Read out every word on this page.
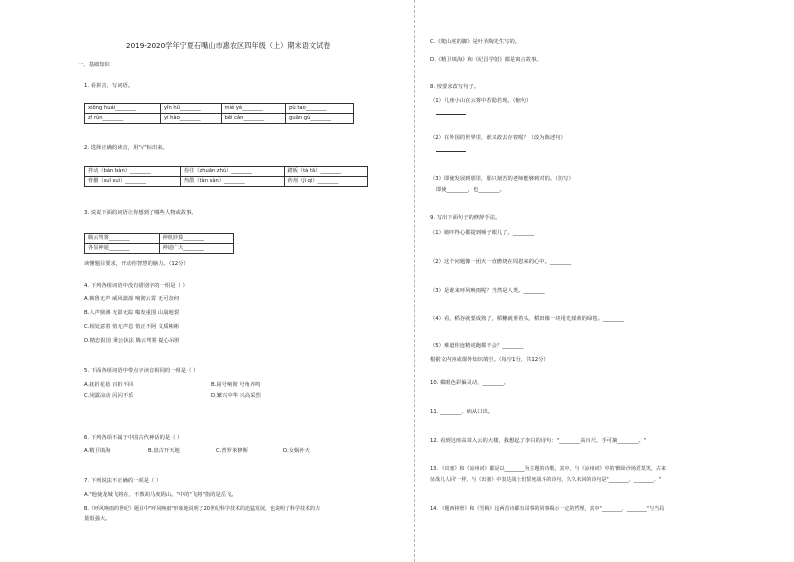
2019-2020学年宁夏石嘴山市惠农区四年级（上）期末语文试卷
一、基础知识
1. 看拼音，写词语。
xiōng huái________	yǐn hū________	miè yè________	pù tao________
zī rùn________	yí hào________	bēi cǎn________	guān gù________
2. 选择正确的读音，用"√"标出来。
拌动（bàn bàn）________	捡往（zhuān zhù）________	踏板（tà tā）________
骨髓（suǐ suì）________	热散（tàn sàn）________	药剂（jì qì）________
3. 说说下面的词语让你想到了哪些人物或故事。
腾云驾雾________	神机妙算________
各显神通________	神通广大________
读懂题目要求，开动你智慧的脑力。（12分）
4. 下列各组词语中没有错别字的一组是（ ）
A.裤鲁无声 威风凛凛 响彻云霄 无可奈何
B.人声鼎沸 无影无踪 嗡发重围 山崩地裂
C.相处意着 悄无声息 悄正不阿 文质彬彬
D.精忠报国 秉公执法 腾云驾雾 提心吊胆
5. 下面各组词语中带点字读音相同的一组是（ ）
A.抚折花蓓 百折不回	B.屈号响彻 号角齐鸣
C.闭露凉动 闪闪不乐	D.繁兴中华 兴高采烈
6. 下列各项不属于中国古代神话的是（ ）
A.精卫填海	B.盘古开天地	C.普罗米修斯	D.女娲补天
7. 下列说法不正确的一项是（ ）
A."他使龙城飞将在，不教胡马度阴山。"中的"飞将"指的是岳飞。
B.《呼风唤雨的世纪》题目中"呼风唤雨"形象地说明了20世纪科学技术的迅猛发展，也说明了科学技术的力
量很强大。
C.《爬山虎的脚》是叶圣陶先生写的。
D.《精卫填海》和《纪昌学射》都是寓言故事。
8. 按要求改写句子。
（1）几座小山在云雾中若隐若现。（缩句）
（2）在外国的世界里，谁又敢去存着呢？（改为陈述句）
（3）即使发展到那里，那只刻苦的老师能够到对的。（仿写）
即使________，也________。
9. 写出下面句子的修辞手法。
（1）她吓得心都提到嗓子眼儿了。________
（2）这个问题像一团火一直燃烧在周恩来的心中。________
（3）是谁来呼风唤雨呢？当然是人类。________
（4）看，稻谷就要成熟了，稻穗就垂着头，稻田像一块用光揉黄的绿毯。________
（5）难道你连精虎跑都不会？________
根据文内容或课外知识填空。（每空1分，共12分）
10. 媚眼色彩偏灵动，________。
11. ________，病从口出。
12. 看到这座高耸入云的大楼，我想起了李白的诗句："________高百尺，手可摘________。"
13. 《出塞》和《凉州词》都是以________为主题的诗歌，其中，与《凉州词》中的'醉卧沙场君莫笑，古来
征战几人回'一样，与《出塞》中表达战士们誓死战斗的诗句，久久未回的诗句是"________，________。"
14. 《题西林壁》和《雪梅》这两首诗都有哥事的同事揭示一定的哲理，其中"________，________"与当局
